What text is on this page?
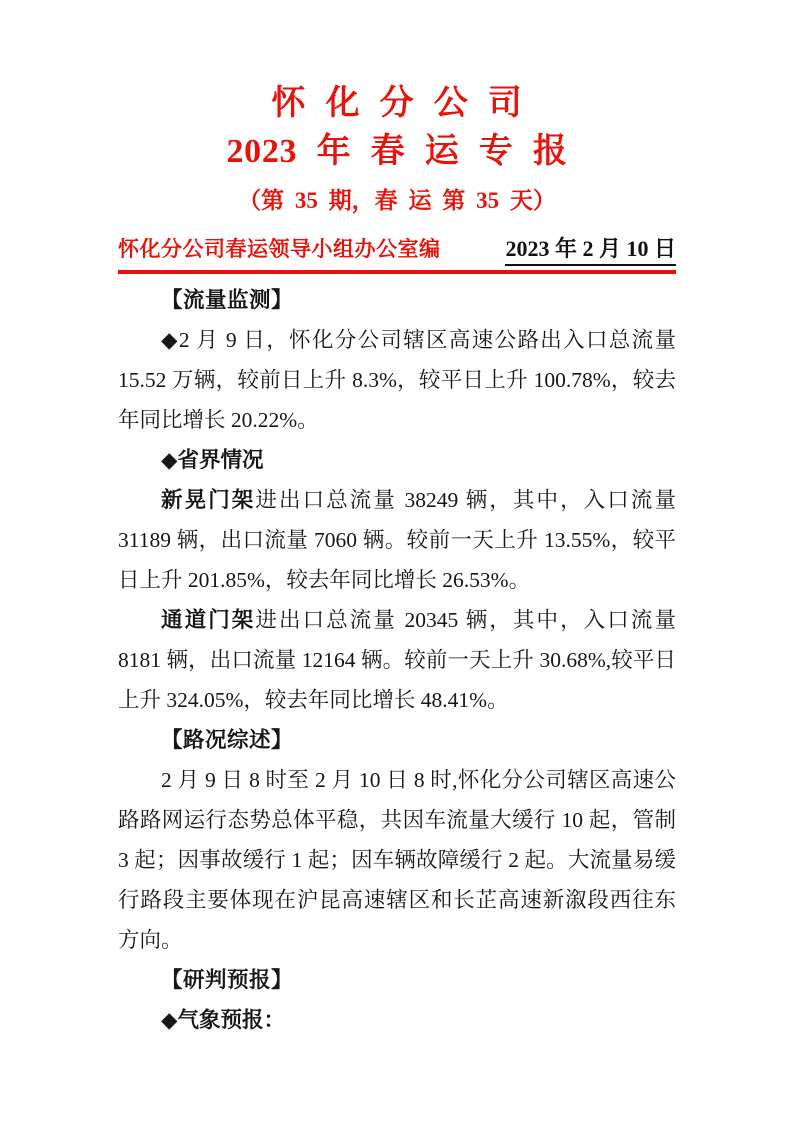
怀 化 分 公 司
2023 年 春 运 专 报
（第 35 期，春 运 第 35 天）
怀化分公司春运领导小组办公室编	2023 年 2 月 10 日
【流量监测】

◆2 月 9 日，怀化分公司辖区高速公路出入口总流量 15.52 万辆，较前日上升 8.3%，较平日上升 100.78%，较去年同比增长 20.22%。

◆省界情况

新晃门架进出口总流量 38249 辆，其中，入口流量 31189 辆，出口流量 7060 辆。较前一天上升 13.55%，较平日上升 201.85%，较去年同比增长 26.53%。

通道门架进出口总流量 20345 辆，其中，入口流量 8181 辆，出口流量 12164 辆。较前一天上升 30.68%,较平日上升 324.05%，较去年同比增长 48.41%。

【路况综述】

2 月 9 日 8 时至 2 月 10 日 8 时,怀化分公司辖区高速公路路网运行态势总体平稳，共因车流量大缓行 10 起，管制 3 起；因事故缓行 1 起；因车辆故障缓行 2 起。大流量易缓行路段主要体现在沪昆高速辖区和长芷高速新溆段西往东方向。

【研判预报】
◆气象预报：
